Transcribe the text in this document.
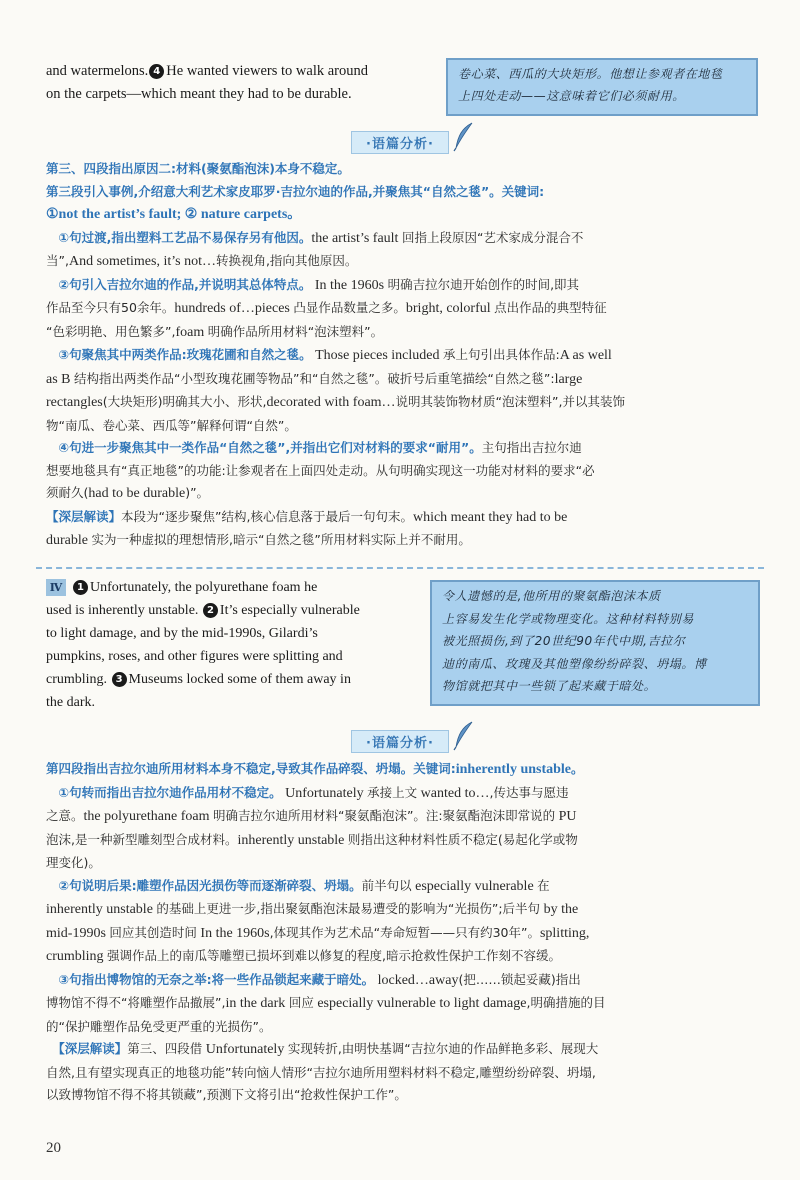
and watermelons. 4 He wanted viewers to walk around
on the carpets—which meant they had to be durable.
卷心菜、西瓜的大块矩形。他想让参观者在地毯
上四处走动——这意味着它们必须耐用。
·语篇分析·
第三、四段指出原因二:材料(聚氨酯泡沫)本身不稳定。
第三段引入事例,介绍意大利艺术家皮耶罗·吉拉尔迪的作品,并聚焦其“自然之毯”。关键词:
①not the artist’s fault; ② nature carpets。
　①句过渡,指出塑料工艺品不易保存另有他因。the artist’s fault 回指上段原因“艺术家成分混合不
当”,And sometimes, it’s not…转换视角,指向其他原因。
　②句引入吉拉尔迪的作品,并说明其总体特点。 In the 1960s 明确吉拉尔迪开始创作的时间,即其
作品至今只有50余年。hundreds of…pieces 凸显作品数量之多。bright, colorful 点出作品的典型特征
“色彩明艳、用色繁多”,foam 明确作品所用材料“泡沫塑料”。
　③句聚焦其中两类作品:玫瑰花圃和自然之毯。 Those pieces included 承上句引出具体作品:A as well
as B 结构指出两类作品“小型玫瑰花圃等物品”和“自然之毯”。破折号后重笔描绘“自然之毯”:large
rectangles(大块矩形)明确其大小、形状,decorated with foam…说明其装饰物材质“泡沫塑料”,并以其装饰
物“南瓜、卷心菜、西瓜等”解释何谓“自然”。
　④句进一步聚焦其中一类作品“自然之毯”,并指出它们对材料的要求“耐用”。主句指出吉拉尔迪
想要地毯具有“真正地毯”的功能:让参观者在上面四处走动。从句明确实现这一功能对材料的要求“必
须耐久(had to be durable)”。
【深层解读】本段为“逐步聚焦”结构,核心信息落于最后一句句末。which meant they had to be
durable 实为一种虚拟的理想情形,暗示“自然之毯”所用材料实际上并不耐用。
Ⅳ 1 Unfortunately, the polyurethane foam he
used is inherently unstable. 2 It’s especially vulnerable
to light damage, and by the mid-1990s, Gilardi’s
pumpkins, roses, and other figures were splitting and
crumbling. 3 Museums locked some of them away in
the dark.
令人遗憾的是,他所用的聚氨酯泡沫本质
上容易发生化学或物理变化。这种材料特别易
被光照损伤,到了20世纪90年代中期,吉拉尔
迪的南瓜、玫瑰及其他塑像纷纷碎裂、坍塌。博
物馆就把其中一些锁了起来藏于暗处。
·语篇分析·
第四段指出吉拉尔迪所用材料本身不稳定,导致其作品碎裂、坍塌。关键词:inherently unstable。
　①句转而指出吉拉尔迪作品用材不稳定。 Unfortunately 承接上文 wanted to…,传达事与愿违
之意。the polyurethane foam 明确吉拉尔迪所用材料“聚氨酯泡沫”。注:聚氨酯泡沫即常说的 PU
泡沫,是一种新型雕刻型合成材料。inherently unstable 则指出这种材料性质不稳定(易起化学或物
理变化)。
　②句说明后果:雕塑作品因光损伤等而逐渐碎裂、坍塌。前半句以 especially vulnerable 在
inherently unstable 的基础上更进一步,指出聚氨酯泡沫最易遭受的影响为“光损伤”;后半句 by the
mid-1990s 回应其创造时间 In the 1960s,体现其作为艺术品“寿命短暂——只有约30年”。splitting,
crumbling 强调作品上的南瓜等雕塑已损坏到难以修复的程度,暗示抢救性保护工作刻不容缓。
　③句指出博物馆的无奈之举:将一些作品锁起来藏于暗处。 locked…away(把……锁起妥藏)指出
博物馆不得不“将雕塑作品撤展”,in the dark 回应 especially vulnerable to light damage,明确措施的目
的“保护雕塑作品免受更严重的光损伤”。
　【深层解读】第三、四段借 Unfortunately 实现转折,由明快基调“吉拉尔迪的作品鲜艳多彩、展现大
自然,且有望实现真正的地毯功能”转向恼人情形“吉拉尔迪所用塑料材料不稳定,雕塑纷纷碎裂、坍塌,
以致博物馆不得不将其锁藏”,预测下文将引出“抢救性保护工作”。
20
